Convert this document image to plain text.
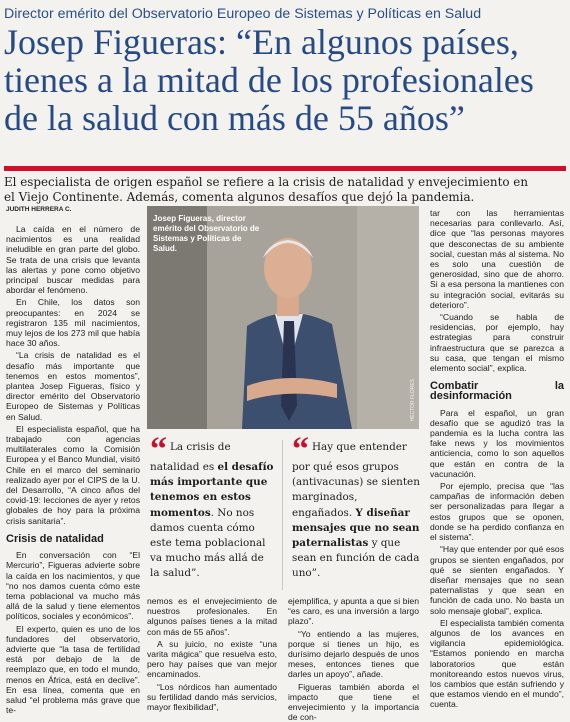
Director emérito del Observatorio Europeo de Sistemas y Políticas en Salud
Josep Figueras: “En algunos países,
tienes a la mitad de los profesionales
de la salud con más de 55 años”
El especialista de origen español se refiere a la crisis de natalidad y envejecimiento en
el Viejo Continente. Además, comenta algunos desafíos que dejó la pandemia.
JUDITH HERRERA C.

La caída en el número de nacimientos es una realidad ineludible en gran parte del globo. Se trata de una crisis que levanta las alertas y pone como objetivo principal buscar medidas para abordar el fenómeno.

En Chile, los datos son preocupantes: en 2024 se registraron 135 mil nacimientos, muy lejos de los 273 mil que había hace 30 años.

“La crisis de natalidad es el desafío más importante que tenemos en estos momentos”, plantea Josep Figueras, físico y director emérito del Observatorio Europeo de Sistemas y Políticas en Salud.

El especialista español, que ha trabajado con agencias multilaterales como la Comisión Europea y el Banco Mundial, visitó Chile en el marco del seminario realizado ayer por el CIPS de la U. del Desarrollo, “A cinco años del covid-19: lecciones de ayer y retos globales de hoy para la próxima crisis sanitaria”.

Crisis de natalidad

En conversación con “El Mercurio”, Figueras advierte sobre la caída en los nacimientos, y que “no nos damos cuenta cómo este tema poblacional va mucho más allá de la salud y tiene elementos políticos, sociales y económicos”.

El experto, quien es uno de los fundadores del observatorio, advierte que “la tasa de fertilidad está por debajo de la de reemplazo que, en todo el mundo, menos en África, está en declive”. En esa línea, comenta que en salud “el problema más grave que te-

Josep Figueras, director emérito del Observatorio de Sistemas y Políticas de Salud.
HÉCTOR FLORES

tar con las herramientas necesarias para conllevarlo. Así, dice que “las personas mayores que desconectas de su ambiente social, cuestan más al sistema. No es solo una cuestión de generosidad, sino que de ahorro. Si a esa persona la mantienes con su integración social, evitarás su deterioro”.

“Cuando se habla de residencias, por ejemplo, hay estrategias para construir infraestructura que se parezca a su casa, que tengan el mismo elemento social”, explica.

Combatir la desinformación

Para el español, un gran desafío que se agudizó tras la pandemia es la lucha contra las fake news y los movimientos anticiencia, como lo son aquellos que están en contra de la vacunación.

Por ejemplo, precisa que “las campañas de información deben ser personalizadas para llegar a estos grupos que se oponen, donde se ha perdido confianza en el sistema”.

“Hay que entender por qué esos grupos se sienten engañados, por qué se sienten engañados. Y diseñar mensajes que no sean paternalistas y que sean en función de cada uno. No basta un solo mensaje global”, explica.

El especialista también comenta algunos de los avances en vigilancia epidemiológica. “Estamos poniendo en marcha laboratorios que están monitoreando estos nuevos virus, los cambios que están sufriendo y que estamos viendo en el mundo”, cuenta.

“ La crisis de natalidad es el desafío más importante que tenemos en estos momentos. No nos damos cuenta cómo este tema poblacional va mucho más allá de la salud”.
“ Hay que entender por qué esos grupos (antivacunas) se sienten marginados, engañados. Y diseñar mensajes que no sean paternalistas y que sean en función de cada uno”.

nemos es el envejecimiento de nuestros profesionales. En algunos países tienes a la mitad con más de 55 años”.

A su juicio, no existe “una varita mágica” que resuelva esto, pero hay países que van mejor encaminados.

“Los nórdicos han aumentado su fertilidad dando más servicios, mayor flexibilidad”,

ejemplifica, y apunta a que si bien “es caro, es una inversión a largo plazo”.

“Yo entiendo a las mujeres, porque si tienes un hijo, es durísimo dejarlo después de unos meses, entonces tienes que darles un apoyo”, añade.

Figueras también aborda el impacto que tiene el envejecimiento y la importancia de con-
